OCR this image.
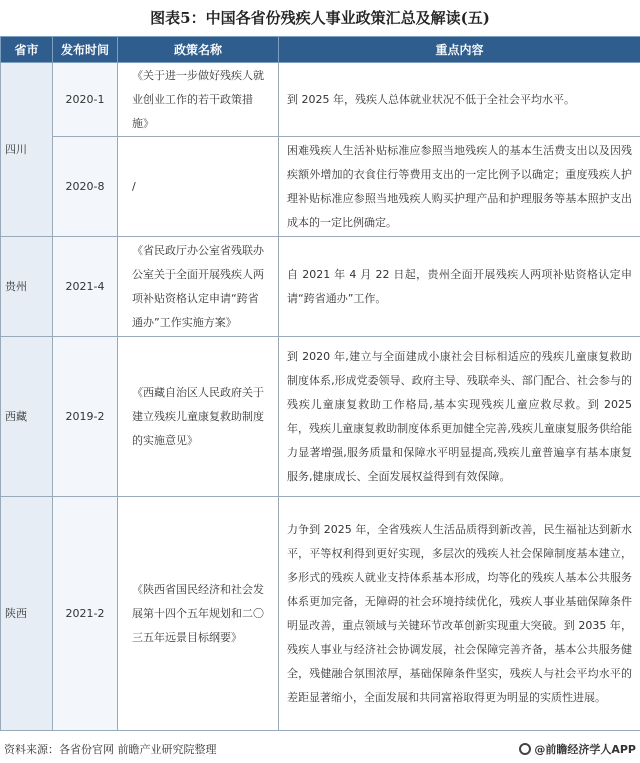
图表5：中国各省份残疾人事业政策汇总及解读(五)
省市	发布时间	政策名称	重点内容
四川	2020-1	《关于进一步做好残疾人就业创业工作的若干政策措施》	到 2025 年，残疾人总体就业状况不低于全社会平均水平。
	2020-8	/	困难残疾人生活补贴标准应参照当地残疾人的基本生活费支出以及因残疾额外增加的衣食住行等费用支出的一定比例予以确定；重度残疾人护理补贴标准应参照当地残疾人购买护理产品和护理服务等基本照护支出成本的一定比例确定。
贵州	2021-4	《省民政厅办公室省残联办公室关于全面开展残疾人两项补贴资格认定申请“跨省通办”工作实施方案》	自 2021 年 4 月 22 日起，贵州全面开展残疾人两项补贴资格认定申请“跨省通办”工作。
西藏	2019-2	《西藏自治区人民政府关于建立残疾儿童康复救助制度的实施意见》	到 2020 年,建立与全面建成小康社会目标相适应的残疾儿童康复救助制度体系,形成党委领导、政府主导、残联牵头、部门配合、社会参与的残疾儿童康复救助工作格局,基本实现残疾儿童应救尽救。到 2025 年，残疾儿童康复救助制度体系更加健全完善,残疾儿童康复服务供给能力显著增强,服务质量和保障水平明显提高,残疾儿童普遍享有基本康复服务,健康成长、全面发展权益得到有效保障。
陕西	2021-2	《陕西省国民经济和社会发展第十四个五年规划和二〇三五年远景目标纲要》	力争到 2025 年，全省残疾人生活品质得到新改善，民生福祉达到新水平，平等权利得到更好实现，多层次的残疾人社会保障制度基本建立，多形式的残疾人就业支持体系基本形成，均等化的残疾人基本公共服务体系更加完备，无障碍的社会环境持续优化，残疾人事业基础保障条件明显改善，重点领域与关键环节改革创新实现重大突破。到 2035 年，残疾人事业与经济社会协调发展，社会保障完善齐备，基本公共服务健全，残健融合氛围浓厚，基础保障条件坚实，残疾人与社会平均水平的差距显著缩小，全面发展和共同富裕取得更为明显的实质性进展。
资料来源：各省份官网 前瞻产业研究院整理	@前瞻经济学人APP
